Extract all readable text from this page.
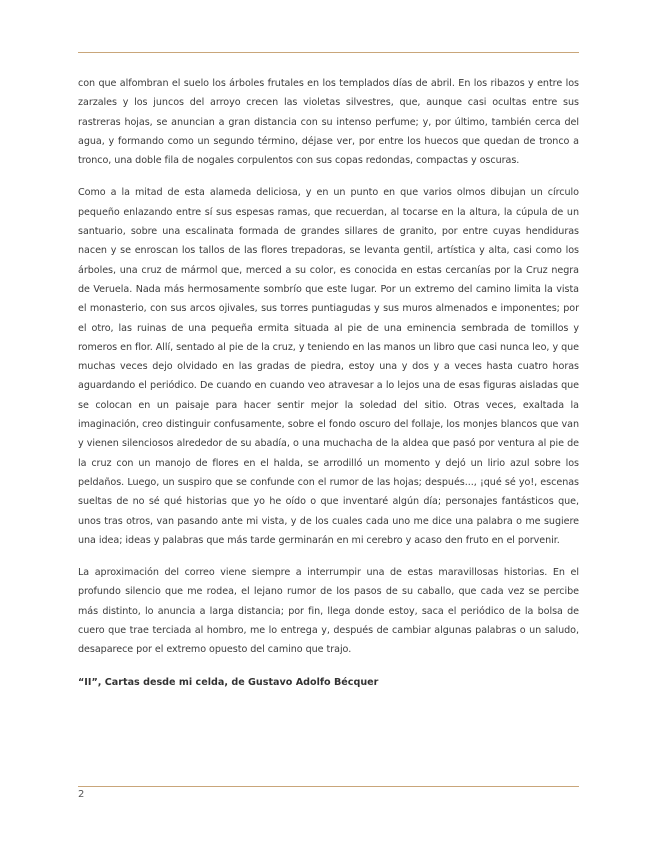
con que alfombran el suelo los árboles frutales en los templados días de abril. En los ribazos y entre los zarzales y los juncos del arroyo crecen las violetas silvestres, que, aunque casi ocultas entre sus rastreras hojas, se anuncian a gran distancia con su intenso perfume; y, por último, también cerca del agua, y formando como un segundo término, déjase ver, por entre los huecos que quedan de tronco a tronco, una doble fila de nogales corpulentos con sus copas redondas, compactas y oscuras.

Como a la mitad de esta alameda deliciosa, y en un punto en que varios olmos dibujan un círculo pequeño enlazando entre sí sus espesas ramas, que recuerdan, al tocarse en la altura, la cúpula de un santuario, sobre una escalinata formada de grandes sillares de granito, por entre cuyas hendiduras nacen y se enroscan los tallos de las flores trepadoras, se levanta gentil, artística y alta, casi como los árboles, una cruz de mármol que, merced a su color, es conocida en estas cercanías por la Cruz negra de Veruela. Nada más hermosamente sombrío que este lugar. Por un extremo del camino limita la vista el monasterio, con sus arcos ojivales, sus torres puntiagudas y sus muros almenados e imponentes; por el otro, las ruinas de una pequeña ermita situada al pie de una eminencia sembrada de tomillos y romeros en flor. Allí, sentado al pie de la cruz, y teniendo en las manos un libro que casi nunca leo, y que muchas veces dejo olvidado en las gradas de piedra, estoy una y dos y a veces hasta cuatro horas aguardando el periódico. De cuando en cuando veo atravesar a lo lejos una de esas figuras aisladas que se colocan en un paisaje para hacer sentir mejor la soledad del sitio. Otras veces, exaltada la imaginación, creo distinguir confusamente, sobre el fondo oscuro del follaje, los monjes blancos que van y vienen silenciosos alrededor de su abadía, o una muchacha de la aldea que pasó por ventura al pie de la cruz con un manojo de flores en el halda, se arrodilló un momento y dejó un lirio azul sobre los peldaños. Luego, un suspiro que se confunde con el rumor de las hojas; después..., ¡qué sé yo!, escenas sueltas de no sé qué historias que yo he oído o que inventaré algún día; personajes fantásticos que, unos tras otros, van pasando ante mi vista, y de los cuales cada uno me dice una palabra o me sugiere una idea; ideas y palabras que más tarde germinarán en mi cerebro y acaso den fruto en el porvenir.

La aproximación del correo viene siempre a interrumpir una de estas maravillosas historias. En el profundo silencio que me rodea, el lejano rumor de los pasos de su caballo, que cada vez se percibe más distinto, lo anuncia a larga distancia; por fin, llega donde estoy, saca el periódico de la bolsa de cuero que trae terciada al hombro, me lo entrega y, después de cambiar algunas palabras o un saludo, desaparece por el extremo opuesto del camino que trajo.

“II”, Cartas desde mi celda, de Gustavo Adolfo Bécquer

2
